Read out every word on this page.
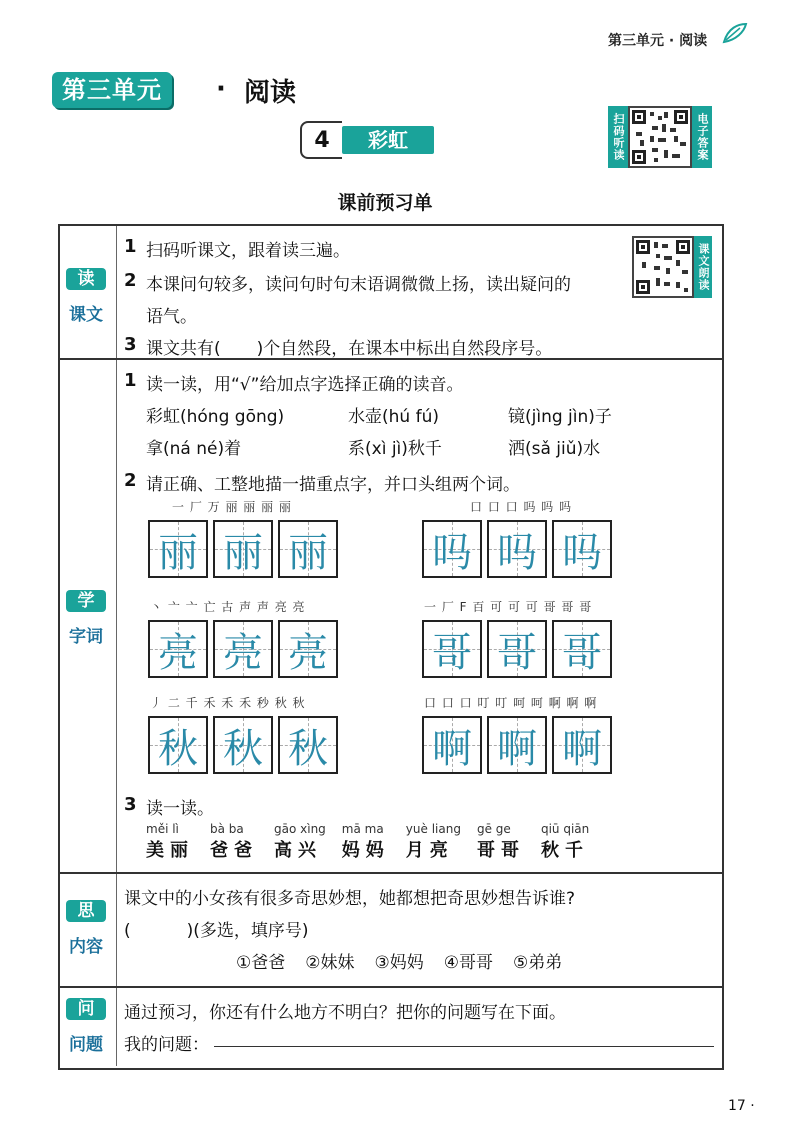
第三单元 · 阅读
第三单元	· 阅读
4	彩虹	扫码听读	电子答案
课前预习单
读
课文
1 扫码听课文，跟着读三遍。
2 本课问句较多，读问句时句末语调微微上扬，读出疑问的
语气。
3 课文共有( )个自然段，在课本中标出自然段序号。
课文朗读
学
字词
1 读一读，用“√”给加点字选择正确的读音。
彩虹(hóng gōng)	水壶(hú fú)	镜(jìng jìn)子
拿(ná né)着	系(xì jì)秋千	洒(sǎ jiǔ)水
2 请正确、工整地描一描重点字，并口头组两个词。
一 厂 万 丽 丽 丽 丽
丽 丽 丽
口 口 口 吗 吗 吗
吗 吗 吗
丶 亠 亠 亡 古 声 声 亮 亮
亮 亮 亮
一 厂 F 百 可 可 可 哥 哥 哥
哥 哥 哥
丿 二 千 禾 禾 禾 秒 秋 秋
秋 秋 秋
口 口 口 叮 叮 呵 呵 啊 啊 啊
啊 啊 啊
3 读一读。
měi lì
美丽
bà ba
爸爸
gāo xìng
高兴
mā ma
妈妈
yuè liang
月亮
gē ge
哥哥
qiū qiān
秋千
思
内容
课文中的小女孩有很多奇思妙想，她都想把奇思妙想告诉谁?
(	)(多选，填序号)
①爸爸 ②妹妹 ③妈妈 ④哥哥 ⑤弟弟
问
问题
通过预习，你还有什么地方不明白？把你的问题写在下面。
我的问题：
17 ·
